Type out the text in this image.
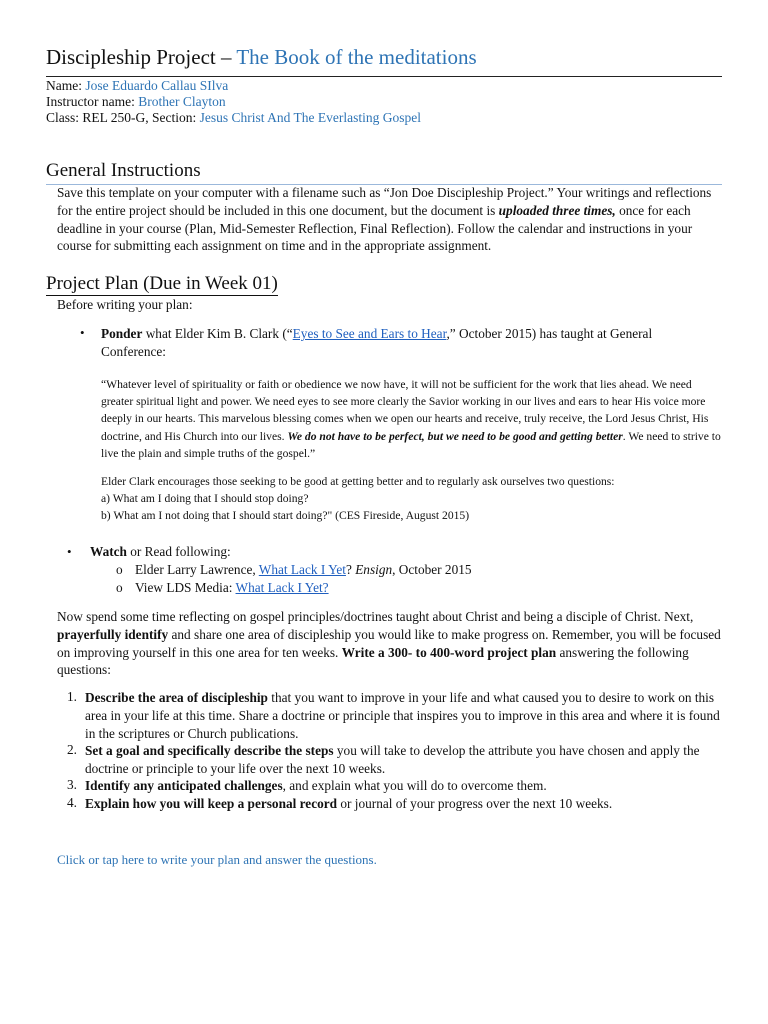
Discipleship Project – The Book of the meditations
Name: Jose Eduardo Callau SIlva
Instructor name: Brother Clayton
Class: REL 250-G, Section: Jesus Christ And The Everlasting Gospel
General Instructions
Save this template on your computer with a filename such as “Jon Doe Discipleship Project.” Your writings and reflections for the entire project should be included in this one document, but the document is uploaded three times, once for each deadline in your course (Plan, Mid-Semester Reflection, Final Reflection). Follow the calendar and instructions in your course for submitting each assignment on time and in the appropriate assignment.
Project Plan (Due in Week 01)
Before writing your plan:
• Ponder what Elder Kim B. Clark (“Eyes to See and Ears to Hear,” October 2015) has taught at General Conference:
“Whatever level of spirituality or faith or obedience we now have, it will not be sufficient for the work that lies ahead. We need greater spiritual light and power. We need eyes to see more clearly the Savior working in our lives and ears to hear His voice more deeply in our hearts. This marvelous blessing comes when we open our hearts and receive, truly receive, the Lord Jesus Christ, His doctrine, and His Church into our lives. We do not have to be perfect, but we need to be good and getting better. We need to strive to live the plain and simple truths of the gospel.”
Elder Clark encourages those seeking to be good at getting better and to regularly ask ourselves two questions:
a) What am I doing that I should stop doing?
b) What am I not doing that I should start doing?" (CES Fireside, August 2015)
• Watch or Read following:
o Elder Larry Lawrence, What Lack I Yet? Ensign, October 2015
o View LDS Media: What Lack I Yet?
Now spend some time reflecting on gospel principles/doctrines taught about Christ and being a disciple of Christ. Next, prayerfully identify and share one area of discipleship you would like to make progress on. Remember, you will be focused on improving yourself in this one area for ten weeks. Write a 300- to 400-word project plan answering the following questions:
1. Describe the area of discipleship that you want to improve in your life and what caused you to desire to work on this area in your life at this time. Share a doctrine or principle that inspires you to improve in this area and where it is found in the scriptures or Church publications.
2. Set a goal and specifically describe the steps you will take to develop the attribute you have chosen and apply the doctrine or principle to your life over the next 10 weeks.
3. Identify any anticipated challenges, and explain what you will do to overcome them.
4. Explain how you will keep a personal record or journal of your progress over the next 10 weeks.
Click or tap here to write your plan and answer the questions.
